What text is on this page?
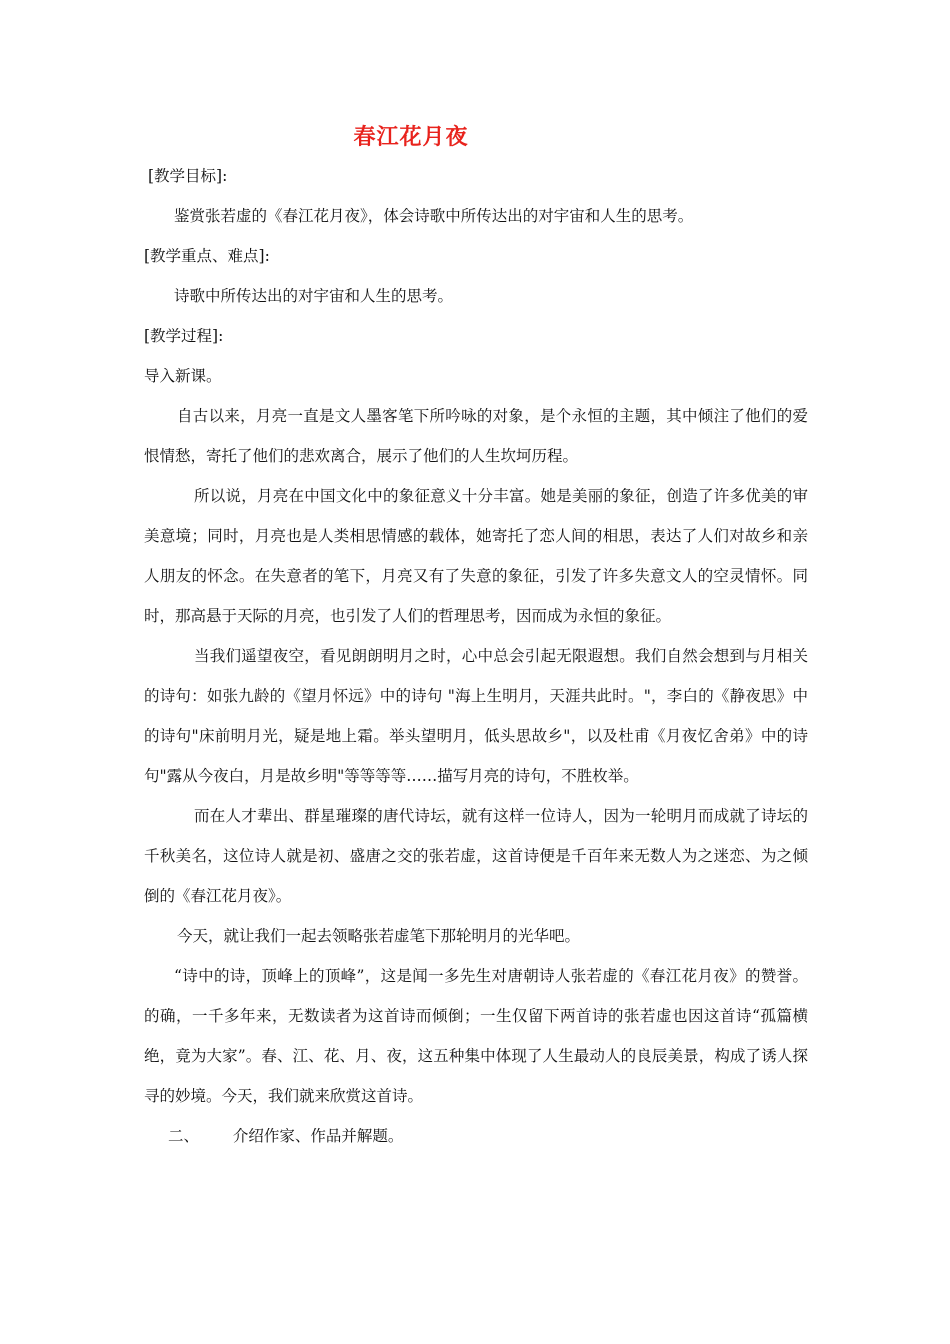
春江花月夜

[教学目标]:

鉴赏张若虚的《春江花月夜》，体会诗歌中所传达出的对宇宙和人生的思考。

[教学重点、难点]:

诗歌中所传达出的对宇宙和人生的思考。

[教学过程]:

导入新课。

自古以来，月亮一直是文人墨客笔下所吟咏的对象，是个永恒的主题，其中倾注了他们的爱恨情愁，寄托了他们的悲欢离合，展示了他们的人生坎坷历程。

所以说，月亮在中国文化中的象征意义十分丰富。她是美丽的象征，创造了许多优美的审美意境；同时，月亮也是人类相思情感的载体，她寄托了恋人间的相思，表达了人们对故乡和亲人朋友的怀念。在失意者的笔下，月亮又有了失意的象征，引发了许多失意文人的空灵情怀。同时，那高悬于天际的月亮，也引发了人们的哲理思考，因而成为永恒的象征。

当我们遥望夜空，看见朗朗明月之时，心中总会引起无限遐想。我们自然会想到与月相关的诗句：如张九龄的《望月怀远》中的诗句 "海上生明月，天涯共此时。"，李白的《静夜思》中的诗句"床前明月光，疑是地上霜。举头望明月，低头思故乡"，以及杜甫《月夜忆舍弟》中的诗句"露从今夜白，月是故乡明"等等等等……描写月亮的诗句，不胜枚举。

而在人才辈出、群星璀璨的唐代诗坛，就有这样一位诗人，因为一轮明月而成就了诗坛的千秋美名，这位诗人就是初、盛唐之交的张若虚，这首诗便是千百年来无数人为之迷恋、为之倾倒的《春江花月夜》。

今天，就让我们一起去领略张若虚笔下那轮明月的光华吧。

“诗中的诗，顶峰上的顶峰”，这是闻一多先生对唐朝诗人张若虚的《春江花月夜》的赞誉。的确，一千多年来，无数读者为这首诗而倾倒；一生仅留下两首诗的张若虚也因这首诗“孤篇横绝，竟为大家”。春、江、花、月、夜，这五种集中体现了人生最动人的良辰美景，构成了诱人探寻的妙境。今天，我们就来欣赏这首诗。

二、 介绍作家、作品并解题。
